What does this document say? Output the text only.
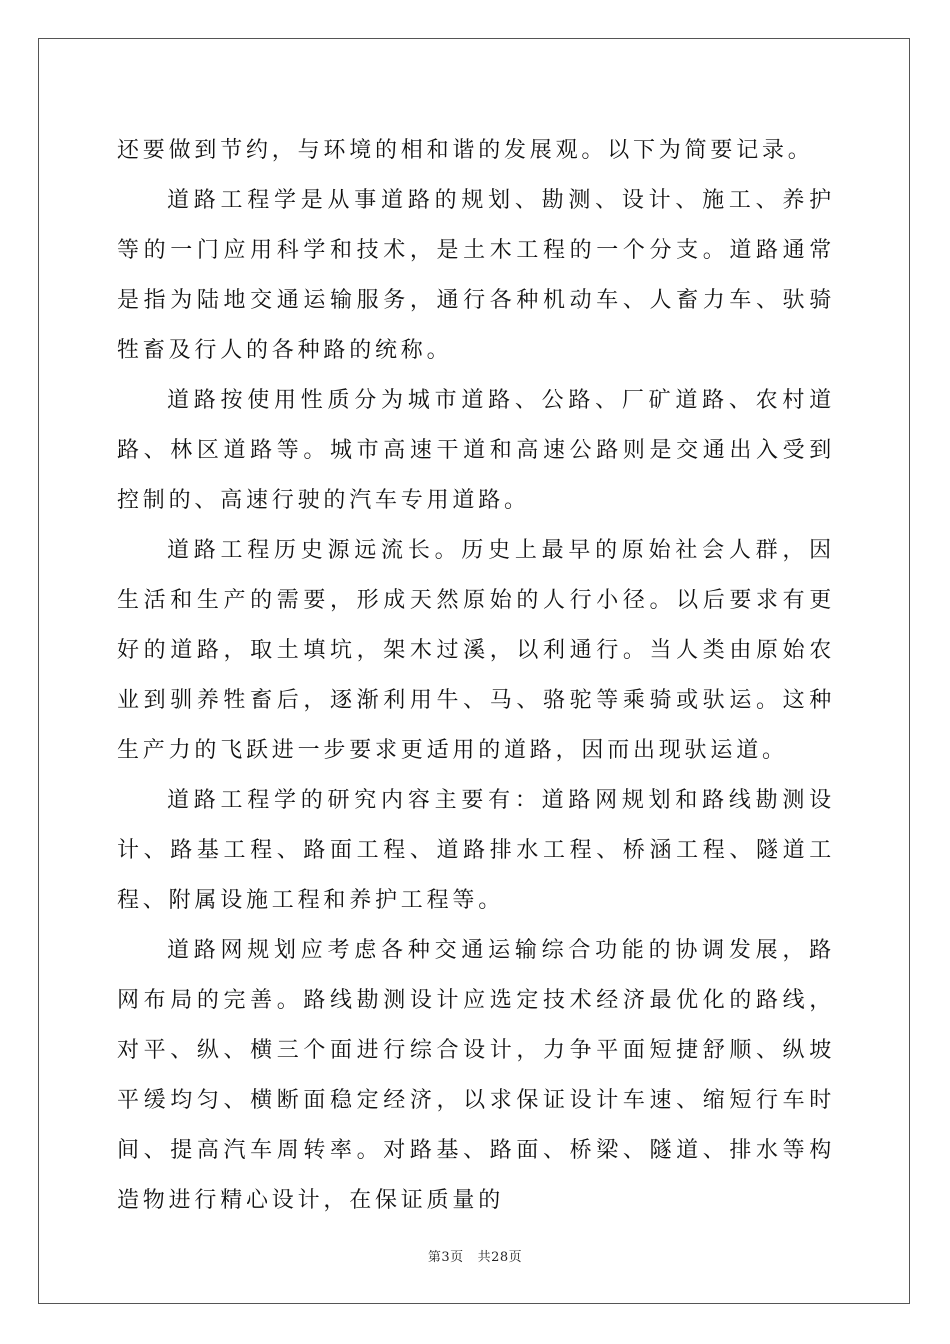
还要做到节约，与环境的相和谐的发展观。以下为简要记录。

道路工程学是从事道路的规划、勘测、设计、施工、养护等的一门应用科学和技术，是土木工程的一个分支。道路通常是指为陆地交通运输服务，通行各种机动车、人畜力车、驮骑牲畜及行人的各种路的统称。

道路按使用性质分为城市道路、公路、厂矿道路、农村道路、林区道路等。城市高速干道和高速公路则是交通出入受到控制的、高速行驶的汽车专用道路。

道路工程历史源远流长。历史上最早的原始社会人群，因生活和生产的需要，形成天然原始的人行小径。以后要求有更好的道路，取土填坑，架木过溪，以利通行。当人类由原始农业到驯养牲畜后，逐渐利用牛、马、骆驼等乘骑或驮运。这种生产力的飞跃进一步要求更适用的道路，因而出现驮运道。

道路工程学的研究内容主要有：道路网规划和路线勘测设计、路基工程、路面工程、道路排水工程、桥涵工程、隧道工程、附属设施工程和养护工程等。

道路网规划应考虑各种交通运输综合功能的协调发展，路网布局的完善。路线勘测设计应选定技术经济最优化的路线，对平、纵、横三个面进行综合设计，力争平面短捷舒顺、纵坡平缓均匀、横断面稳定经济，以求保证设计车速、缩短行车时间、提高汽车周转率。对路基、路面、桥梁、隧道、排水等构造物进行精心设计，在保证质量的

第3页 共28页
